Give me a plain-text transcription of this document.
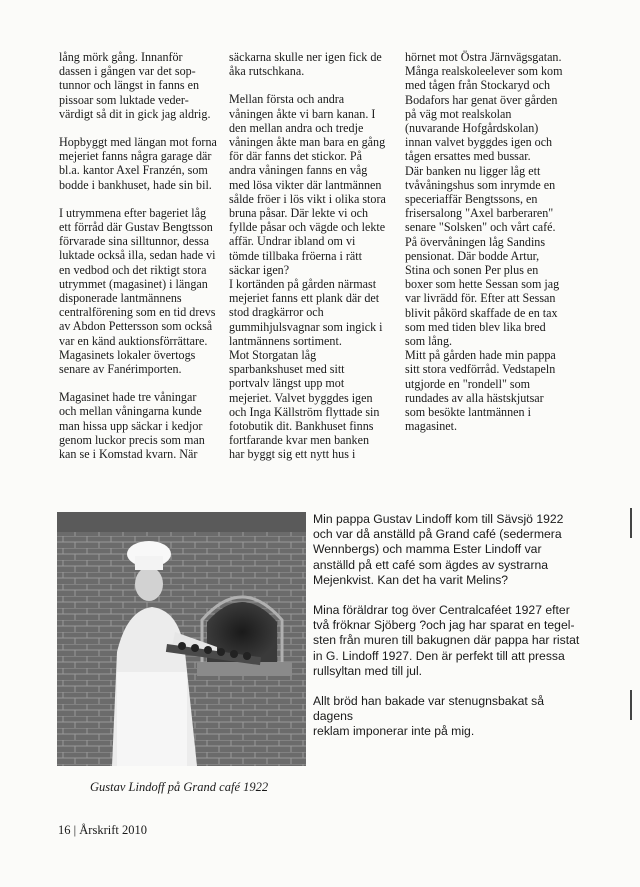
lång mörk gång. Innanför
dassen i gången var det sop-
tunnor och längst in fanns en
pissoar som luktade veder-
värdigt så dit in gick jag aldrig.

Hopbyggt med längan mot forna
mejeriet fanns några garage där
bl.a. kantor Axel Franzén, som
bodde i bankhuset, hade sin bil.

I utrymmena efter bageriet låg
ett förråd där Gustav Bengtsson
förvarade sina silltunnor, dessa
luktade också illa, sedan hade vi
en vedbod och det riktigt stora
utrymmet (magasinet) i längan
disponerade lantmännens
centralförening som en tid drevs
av Abdon Pettersson som också
var en känd auktionsförrättare.
Magasinets lokaler övertogs
senare av Fanérimporten.

Magasinet hade tre våningar
och mellan våningarna kunde
man hissa upp säckar i kedjor
genom luckor precis som man
kan se i Komstad kvarn. När

säckarna skulle ner igen fick de
åka rutschkana.

Mellan första och andra
våningen åkte vi barn kanan. I
den mellan andra och tredje
våningen åkte man bara en gång
för där fanns det stickor. På
andra våningen fanns en våg
med lösa vikter där lantmännen
sålde fröer i lös vikt i olika stora
bruna påsar. Där lekte vi och
fyllde påsar och vägde och lekte
affär. Undrar ibland om vi
tömde tillbaka fröerna i rätt
säckar igen?
I kortänden på gården närmast
mejeriet fanns ett plank där det
stod dragkärror och
gummihjulsvagnar som ingick i
lantmännens sortiment.
Mot Storgatan låg
sparbankshuset med sitt
portvalv längst upp mot
mejeriet. Valvet byggdes igen
och Inga Källström flyttade sin
fotobutik dit. Bankhuset finns
fortfarande kvar men banken
har byggt sig ett nytt hus i

hörnet mot Östra Järnvägsgatan.
Många realskoleelever som kom
med tågen från Stockaryd och
Bodafors har genat över gården
på väg mot realskolan
(nuvarande Hofgårdskolan)
innan valvet byggdes igen och
tågen ersattes med bussar.
Där banken nu ligger låg ett
tvåvåningshus som inrymde en
speceriaffär Bengtssons, en
frisersalong "Axel barberaren"
senare "Solsken" och vårt café.
På övervåningen låg Sandins
pensionat. Där bodde Artur,
Stina och sonen Per plus en
boxer som hette Sessan som jag
var livrädd för. Efter att Sessan
blivit påkörd skaffade de en tax
som med tiden blev lika bred
som lång.
Mitt på gården hade min pappa
sitt stora vedförråd. Vedstapeln
utgjorde en "rondell" som
rundades av alla hästskjutsar
som besökte lantmännen i
magasinet.

Gustav Lindoff på Grand café 1922

Min pappa Gustav Lindoff kom till Sävsjö 1922
och var då anställd på Grand café (sedermera
Wennbergs) och mamma Ester Lindoff var
anställd på ett café som ägdes av systrarna
Mejenkvist. Kan det ha varit Melins?

Mina föräldrar tog över Centralcaféet 1927 efter
två fröknar Sjöberg ?och jag har sparat en tegel-
sten från muren till bakugnen där pappa har ristat
in G. Lindoff 1927. Den är perfekt till att pressa
rullsyltan med till jul.

Allt bröd han bakade var stenugnsbakat så dagens
reklam imponerar inte på mig.

16 | Årskrift 2010
